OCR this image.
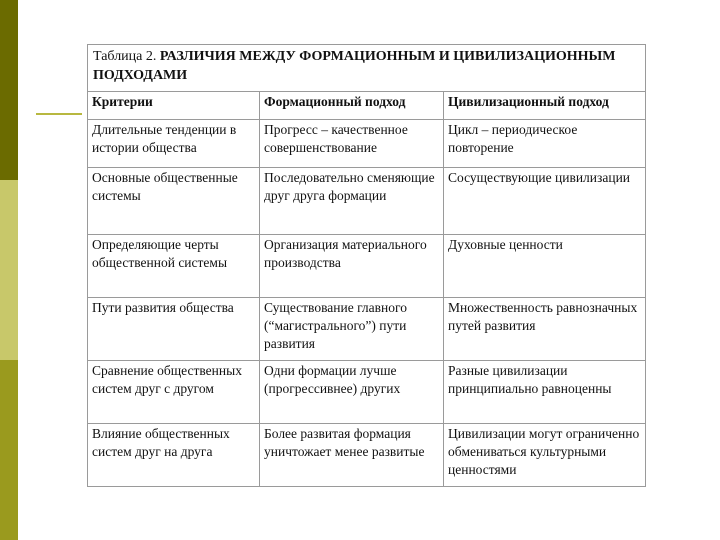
Таблица 2. РАЗЛИЧИЯ МЕЖДУ ФОРМАЦИОННЫМ И ЦИВИЛИЗАЦИОННЫМ ПОДХОДАМИ		
Критерии	Формационный подход	Цивилизационный подход
Длительные тенденции в истории общества	Прогресс – качественное совершенствование	Цикл – периодическое повторение
Основные общественные системы	Последовательно сменяющие друг друга формации	Сосуществующие цивилизации
Определяющие черты общественной системы	Организация материального производства	Духовные ценности
Пути развития общества	Существование главного (“магистрального”) пути развития	Множественность равнозначных путей развития
Сравнение общественных систем друг с другом	Одни формации лучше (прогрессивнее) других	Разные цивилизации принципиально равноценны
Влияние общественных систем друг на друга	Более развитая формация уничтожает менее развитые	Цивилизации могут ограниченно обмениваться культурными ценностями
